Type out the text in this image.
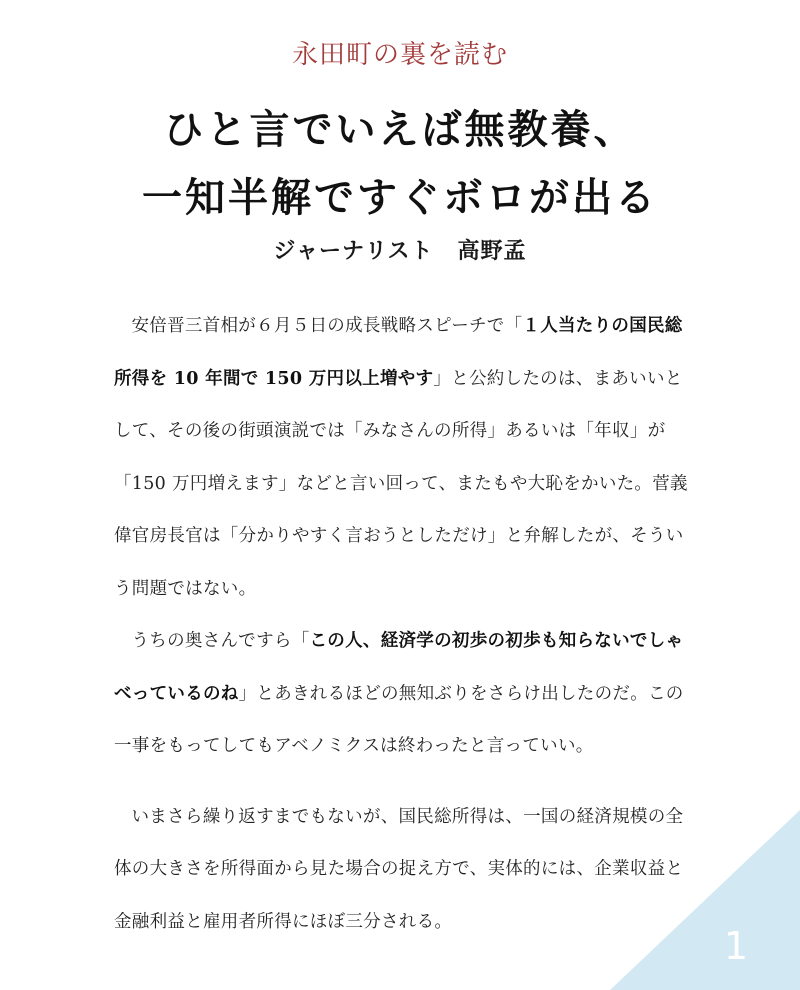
永田町の裏を読む
ひと言でいえば無教養、
一知半解ですぐボロが出る
ジャーナリスト 高野孟

安倍晋三首相が６月５日の成長戦略スピーチで「１人当たりの国民総所得を 10 年間で 150 万円以上増やす」と公約したのは、まあいいとして、その後の街頭演説では「みなさんの所得」あるいは「年収」が「150 万円増えます」などと言い回って、またもや大恥をかいた。菅義偉官房長官は「分かりやすく言おうとしただけ」と弁解したが、そういう問題ではない。

うちの奥さんですら「この人、経済学の初歩の初歩も知らないでしゃべっているのね」とあきれるほどの無知ぶりをさらけ出したのだ。この一事をもってしてもアベノミクスは終わったと言っていい。

いまさら繰り返すまでもないが、国民総所得は、一国の経済規模の全体の大きさを所得面から見た場合の捉え方で、実体的には、企業収益と金融利益と雇用者所得にほぼ三分される。

1
